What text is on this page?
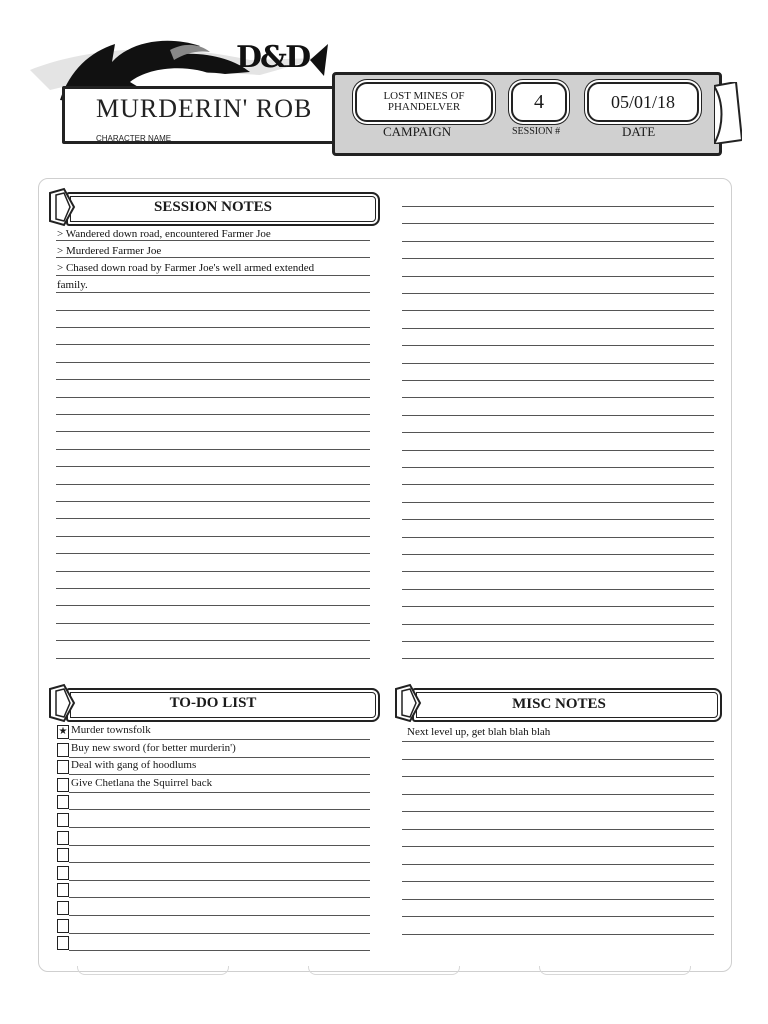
D&D
MURDERIN' ROB
CHARACTER NAME
LOST MINES OF PHANDELVER	4	05/01/18
CAMPAIGN	SESSION #	DATE
SESSION NOTES
> Wandered down road, encountered Farmer Joe
> Murdered Farmer Joe
> Chased down road by Farmer Joe's well armed extended
family.
TO-DO LIST
★ Murder townsfolk
Buy new sword (for better murderin')
Deal with gang of hoodlums
Give Chetlana the Squirrel back
MISC NOTES
Next level up, get blah blah blah
